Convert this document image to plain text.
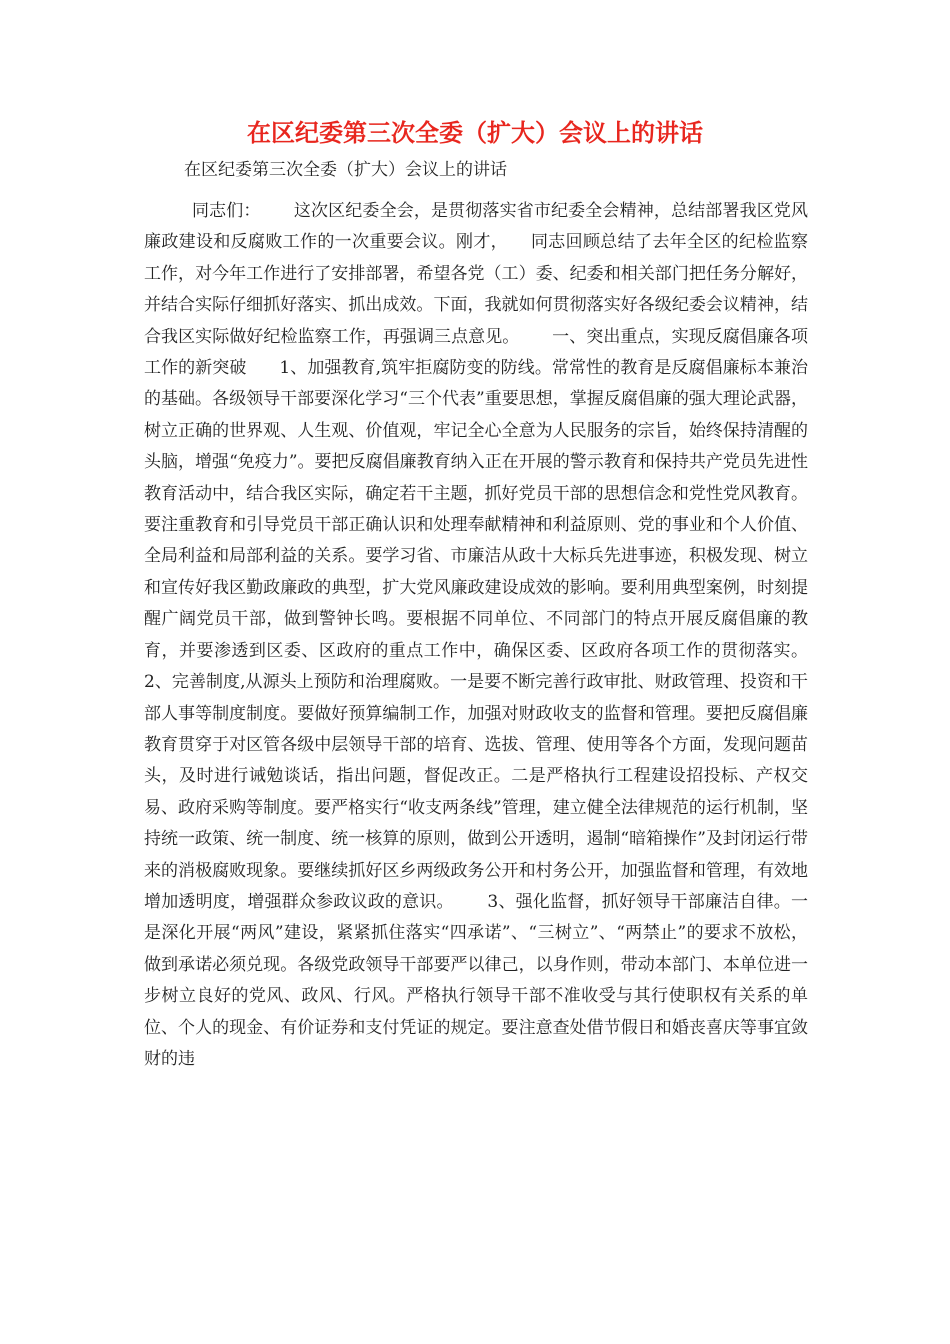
在区纪委第三次全委（扩大）会议上的讲话

在区纪委第三次全委（扩大）会议上的讲话

同志们：      这次区纪委全会，是贯彻落实省市纪委全会精神，总结部署我区党风廉政建设和反腐败工作的一次重要会议。刚才，    同志回顾总结了去年全区的纪检监察工作，对今年工作进行了安排部署，希望各党（工）委、纪委和相关部门把任务分解好，并结合实际仔细抓好落实、抓出成效。下面，我就如何贯彻落实好各级纪委会议精神，结合我区实际做好纪检监察工作，再强调三点意见。      一、突出重点，实现反腐倡廉各项工作的新突破      1、加强教育,筑牢拒腐防变的防线。常常性的教育是反腐倡廉标本兼治的基础。各级领导干部要深化学习“三个代表”重要思想，掌握反腐倡廉的强大理论武器，树立正确的世界观、人生观、价值观，牢记全心全意为人民服务的宗旨，始终保持清醒的头脑，增强“免疫力”。要把反腐倡廉教育纳入正在开展的警示教育和保持共产党员先进性教育活动中，结合我区实际，确定若干主题，抓好党员干部的思想信念和党性党风教育。要注重教育和引导党员干部正确认识和处理奉献精神和利益原则、党的事业和个人价值、全局利益和局部利益的关系。要学习省、市廉洁从政十大标兵先进事迹，积极发现、树立和宣传好我区勤政廉政的典型，扩大党风廉政建设成效的影响。要利用典型案例，时刻提醒广阔党员干部，做到警钟长鸣。要根据不同单位、不同部门的特点开展反腐倡廉的教育，并要渗透到区委、区政府的重点工作中，确保区委、区政府各项工作的贯彻落实。      2、完善制度,从源头上预防和治理腐败。一是要不断完善行政审批、财政管理、投资和干部人事等制度制度。要做好预算编制工作，加强对财政收支的监督和管理。要把反腐倡廉教育贯穿于对区管各级中层领导干部的培育、选拔、管理、使用等各个方面，发现问题苗头，及时进行诫勉谈话，指出问题，督促改正。二是严格执行工程建设招投标、产权交易、政府采购等制度。要严格实行“收支两条线”管理，建立健全法律规范的运行机制，坚持统一政策、统一制度、统一核算的原则，做到公开透明，遏制“暗箱操作”及封闭运行带来的消极腐败现象。要继续抓好区乡两级政务公开和村务公开，加强监督和管理，有效地增加透明度，增强群众参政议政的意识。      3、强化监督，抓好领导干部廉洁自律。一是深化开展“两风”建设，紧紧抓住落实“四承诺”、“三树立”、“两禁止”的要求不放松，做到承诺必须兑现。各级党政领导干部要严以律己，以身作则，带动本部门、本单位进一步树立良好的党风、政风、行风。严格执行领导干部不准收受与其行使职权有关系的单位、个人的现金、有价证券和支付凭证的规定。要注意查处借节假日和婚丧喜庆等事宜敛财的违
